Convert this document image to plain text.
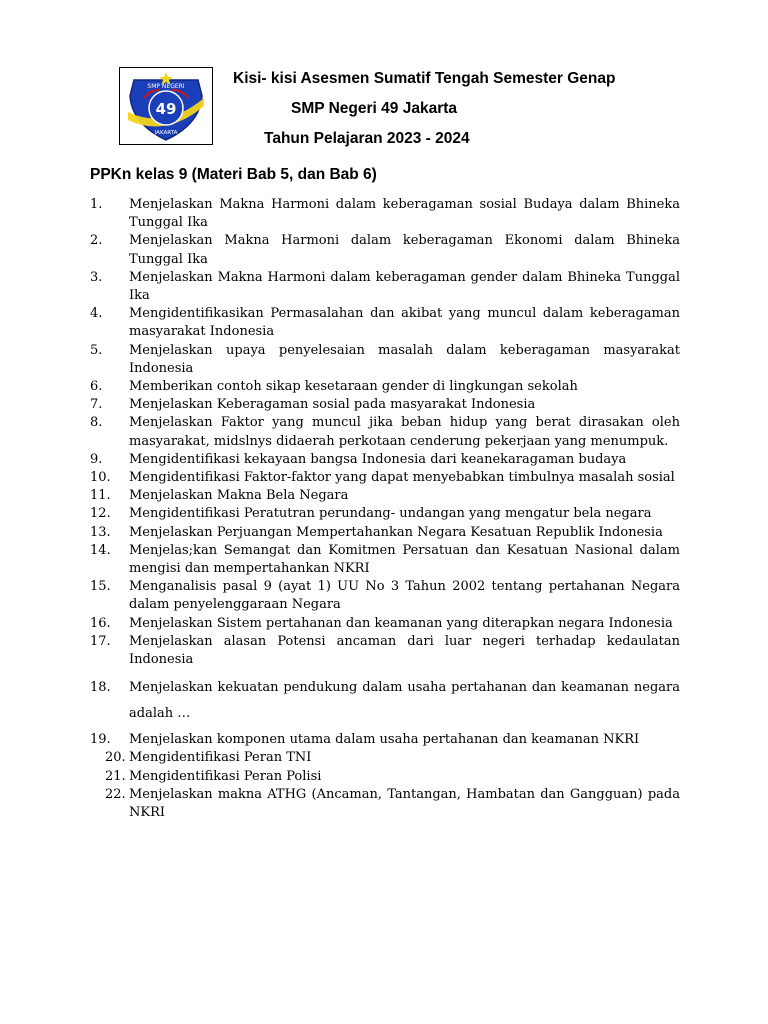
SMP NEGERI
49
JAKARTA
Kisi- kisi Asesmen Sumatif Tengah Semester Genap
SMP Negeri 49 Jakarta
Tahun Pelajaran 2023 - 2024
PPKn kelas 9 (Materi Bab 5, dan Bab 6)
1.	Menjelaskan Makna Harmoni dalam keberagaman sosial Budaya dalam Bhineka Tunggal Ika
2.	Menjelaskan Makna Harmoni dalam keberagaman Ekonomi dalam Bhineka Tunggal Ika
3.	Menjelaskan Makna Harmoni dalam keberagaman gender dalam Bhineka Tunggal Ika
4.	Mengidentifikasikan Permasalahan dan akibat yang muncul dalam keberagaman masyarakat Indonesia
5.	Menjelaskan upaya penyelesaian masalah dalam keberagaman masyarakat Indonesia
6.	Memberikan contoh sikap kesetaraan gender di lingkungan sekolah
7.	Menjelaskan Keberagaman sosial pada masyarakat Indonesia
8.	Menjelaskan Faktor yang muncul jika beban hidup yang berat dirasakan oleh masyarakat, midslnys didaerah perkotaan cenderung pekerjaan yang menumpuk.
9.	Mengidentifikasi kekayaan bangsa Indonesia dari keanekaragaman budaya
10.	Mengidentifikasi Faktor-faktor yang dapat menyebabkan timbulnya masalah sosial
11.	Menjelaskan Makna Bela Negara
12.	Mengidentifikasi Peratutran perundang- undangan yang mengatur bela negara
13.	Menjelaskan Perjuangan Mempertahankan Negara Kesatuan Republik Indonesia
14.	Menjelas;kan Semangat dan Komitmen Persatuan dan Kesatuan Nasional dalam mengisi dan mempertahankan NKRI
15.	Menganalisis pasal 9 (ayat 1) UU No 3 Tahun 2002 tentang pertahanan Negara dalam penyelenggaraan Negara
16.	Menjelaskan Sistem pertahanan dan keamanan yang diterapkan negara Indonesia
17.	Menjelaskan alasan Potensi ancaman dari luar negeri terhadap kedaulatan Indonesia
18.	Menjelaskan kekuatan pendukung dalam usaha pertahanan dan keamanan negara adalah …
19.	Menjelaskan komponen utama dalam usaha pertahanan dan keamanan NKRI
20. Mengidentifikasi Peran TNI
21. Mengidentifikasi Peran Polisi
22. Menjelaskan makna ATHG (Ancaman, Tantangan, Hambatan dan Gangguan) pada NKRI
